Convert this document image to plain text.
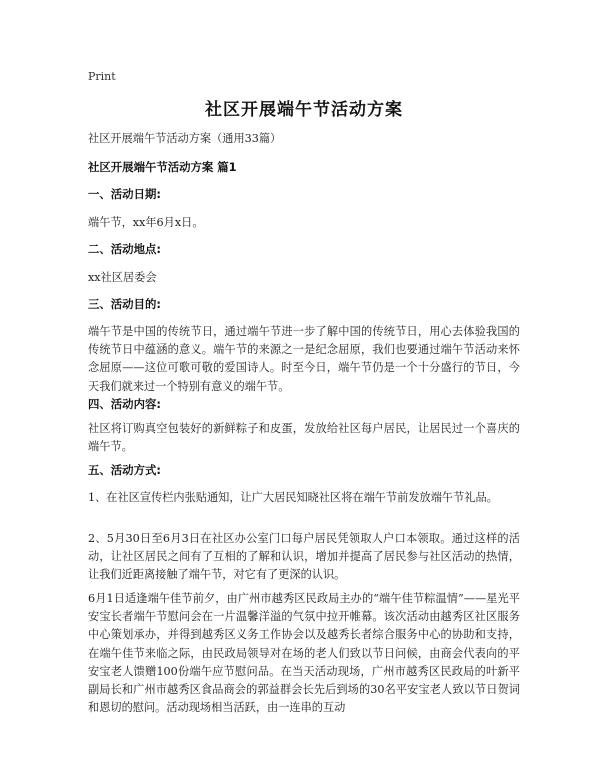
Print
社区开展端午节活动方案
社区开展端午节活动方案（通用33篇）
社区开展端午节活动方案 篇1
一、活动日期:
端午节，xx年6月x日。
二、活动地点:
xx社区居委会
三、活动目的:
端午节是中国的传统节日，通过端午节进一步了解中国的传统节日，用心去体验我国的传统节日中蕴涵的意义。端午节的来源之一是纪念屈原，我们也要通过端午节活动来怀念屈原——这位可歌可敬的爱国诗人。时至今日，端午节仍是一个十分盛行的节日，今天我们就来过一个特别有意义的端午节。
四、活动内容:
社区将订购真空包装好的新鲜粽子和皮蛋，发放给社区每户居民，让居民过一个喜庆的端午节。
五、活动方式:
1、在社区宣传栏内张贴通知，让广大居民知晓社区将在端午节前发放端午节礼品。
2、5月30日至6月3日在社区办公室门口每户居民凭领取人户口本领取。通过这样的活动，让社区居民之间有了互相的了解和认识，增加并提高了居民参与社区活动的热情，让我们近距离接触了端午节，对它有了更深的认识。
6月1日适逢端午佳节前夕，由广州市越秀区民政局主办的“端午佳节粽温情”——星光平安宝长者端午节慰问会在一片温馨洋溢的气氛中拉开帷幕。该次活动由越秀区社区服务中心策划承办，并得到越秀区义务工作协会以及越秀长者综合服务中心的协助和支持，在端午佳节来临之际，由民政局领导对在场的老人们致以节日问候，由商会代表向的平安宝老人馈赠100份端午应节慰问品。在当天活动现场，广州市越秀区民政局的叶新平副局长和广州市越秀区食品商会的郭益群会长先后到场的30名平安宝老人致以节日贺词和恩切的慰问。活动现场相当活跃，由一连串的互动
